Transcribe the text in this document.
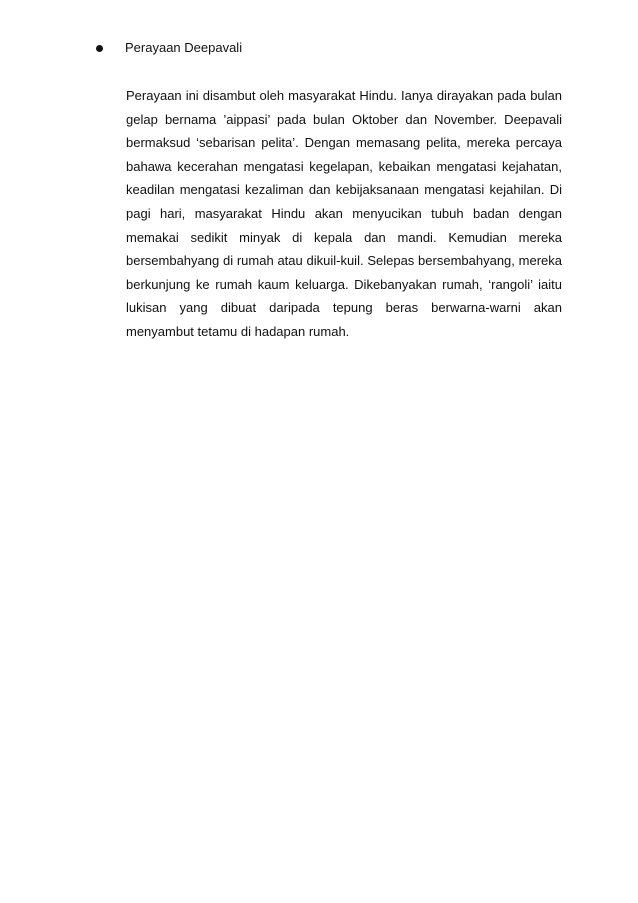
Perayaan Deepavali

Perayaan ini disambut oleh masyarakat Hindu. Ianya dirayakan pada bulan
gelap bernama ’aippasi’ pada bulan Oktober dan November. Deepavali
bermaksud ‘sebarisan pelita’. Dengan memasang pelita, mereka percaya
bahawa kecerahan mengatasi kegelapan, kebaikan mengatasi kejahatan,
keadilan mengatasi kezaliman dan kebijaksanaan mengatasi kejahilan. Di
pagi hari, masyarakat Hindu akan menyucikan tubuh badan dengan
memakai sedikit minyak di kepala dan mandi. Kemudian mereka
bersembahyang di rumah atau dikuil-kuil. Selepas bersembahyang, mereka
berkunjung ke rumah kaum keluarga. Dikebanyakan rumah, ‘rangoli’ iaitu
lukisan yang dibuat daripada tepung beras berwarna-warni akan
menyambut tetamu di hadapan rumah.
